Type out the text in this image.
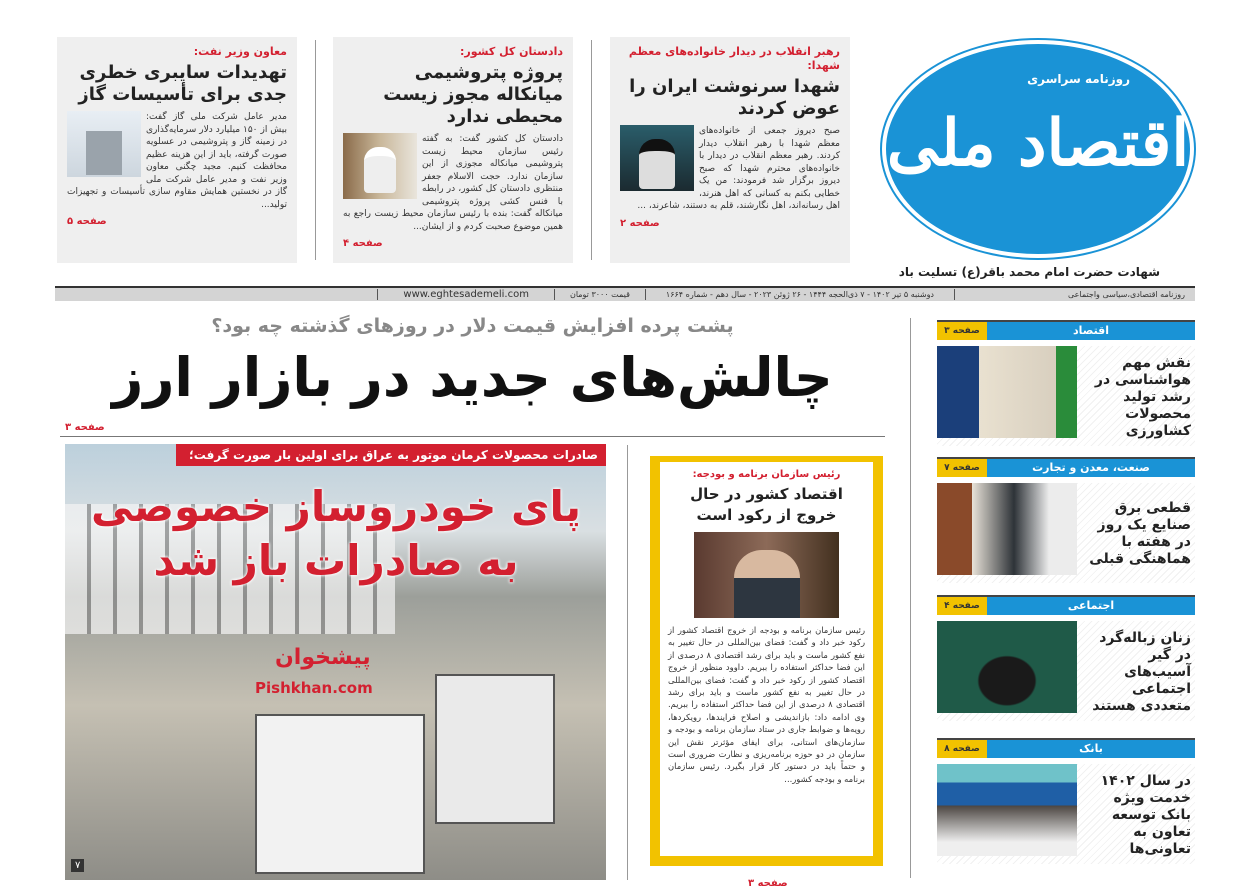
روزنامه سراسری
اقتصاد ملی
شهادت حضرت امام محمد باقر(ع) تسلیت باد
رهبر انقلاب در دیدار خانواده‌های معظم شهدا:
شهدا سرنوشت ایران را عوض کردند
صبح دیروز جمعی از خانواده‌های معظم شهدا با رهبر انقلاب دیدار کردند. رهبر معظم انقلاب در دیدار با خانواده‌های محترم شهدا که صبح دیروز برگزار شد فرمودند: من یک خطایی بکنم به کسانی که اهل هنرند، اهل رسانه‌اند، اهل نگارشند، قلم به دستند، شاعرند، ...
صفحه ۲
دادستان کل کشور:
پروژه پتروشیمی میانکاله مجوز زیست محیطی ندارد
دادستان کل کشور گفت: به گفته رئیس سازمان محیط زیست پتروشیمی میانکاله مجوزی از این سازمان ندارد. حجت الاسلام جعفر منتظری دادستان کل کشور، در رابطه با فنس کشی پروژه پتروشیمی میانکاله گفت: بنده با رئیس سازمان محیط زیست راجع به همین موضوع صحبت کردم و از ایشان...
صفحه ۴
معاون وزیر نفت:
تهدیدات سایبری خطری جدی برای تأسیسات گاز
مدیر عامل شرکت ملی گاز گفت: بیش از ۱۵۰ میلیارد دلار سرمایه‌گذاری در زمینه گاز و پتروشیمی در عسلویه صورت گرفته، باید از این هزینه عظیم محافظت کنیم. مجید چگنی معاون وزیر نفت و مدیر عامل شرکت ملی گاز در نخستین همایش مقاوم سازی تأسیسات و تجهیزات تولید...
صفحه ۵
روزنامه اقتصادی،سیاسی واجتماعی
دوشنبه ۵ تیر ۱۴۰۲ - ۷ ذی‌الحجه ۱۴۴۴ - ۲۶ ژوئن ۲۰۲۳ - سال دهم - شماره ۱۶۶۴
قیمت ۳۰۰۰ تومان
www.eghtesademeli.com
پشت پرده افزایش قیمت دلار در روزهای گذشته چه بود؟
چالش‌های جدید در بازار ارز
صفحه ۳
صادرات محصولات کرمان موتور به عراق برای اولین بار صورت گرفت؛
پای خودروساز خصوصی به صادرات باز شد
پیشخوان
Pishkhan.com
۷
رئیس سازمان برنامه و بودجه:
اقتصاد کشور در حال خروج از رکود است
رئیس سازمان برنامه و بودجه از خروج اقتصاد کشور از رکود خبر داد و گفت: فضای بین‌المللی در حال تغییر به نفع کشور ماست و باید برای رشد اقتصادی ۸ درصدی از این فضا حداکثر استفاده را ببریم. داوود منظور از خروج اقتصاد کشور از رکود خبر داد و گفت: فضای بین‌المللی در حال تغییر به نفع کشور ماست و باید برای رشد اقتصادی ۸ درصدی از این فضا حداکثر استفاده را ببریم. وی ادامه داد: بازاندیشی و اصلاح فرایندها، رویکردها، رویه‌ها و ضوابط جاری در ستاد سازمان برنامه و بودجه و سازمان‌های استانی، برای ایفای مؤثرتر نقش این سازمان در دو حوزه برنامه‌ریزی و نظارت ضروری است و حتماً باید در دستور کار قرار بگیرد. رئیس سازمان برنامه و بودجه کشور...
صفحه ۳
اقتصاد
صفحه ۳
نقش مهم هواشناسی در رشد تولید محصولات کشاورزی
صنعت، معدن و تجارت
صفحه ۷
قطعی برق صنایع یک روز در هفته با هماهنگی قبلی
اجتماعی
صفحه ۴
زنان زباله‌گرد در گیر آسیب‌های اجتماعی متعددی هستند
بانک
صفحه ۸
در سال ۱۴۰۲ خدمت ویژه بانک توسعه تعاون به تعاونی‌ها
